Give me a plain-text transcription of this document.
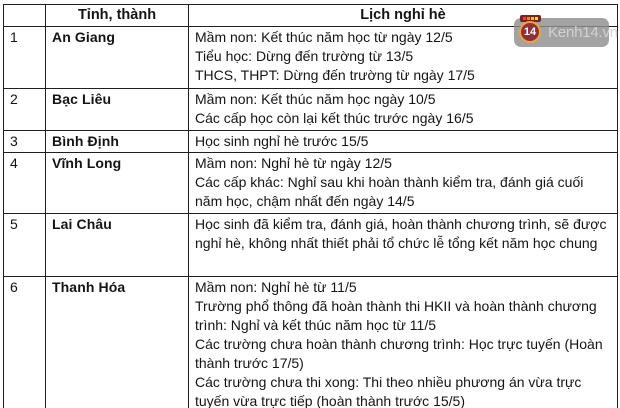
	Tỉnh, thành	Lịch nghỉ hè
1	An Giang	Mầm non: Kết thúc năm học từ ngày 12/5
Tiểu học: Dừng đến trường từ 13/5
THCS, THPT: Dừng đến trường từ ngày 17/5

2	Bạc Liêu	Mầm non: Kết thúc năm học ngày 10/5
Các cấp học còn lại kết thúc trước ngày 16/5

3	Bình Định	Học sinh nghỉ hè trước 15/5

4	Vĩnh Long	Mầm non: Nghỉ hè từ ngày 12/5
Các cấp khác: Nghỉ sau khi hoàn thành kiểm tra, đánh giá cuối năm học, chậm nhất đến ngày 14/5

5	Lai Châu	Học sinh đã kiểm tra, đánh giá, hoàn thành chương trình, sẽ được nghỉ hè, không nhất thiết phải tổ chức lễ tổng kết năm học chung

6	Thanh Hóa	Mầm non: Nghỉ hè từ 11/5
Trường phổ thông đã hoàn thành thi HKII và hoàn thành chương trình: Nghỉ và kết thúc năm học từ 11/5
Các trường chưa hoàn thành chương trình: Học trực tuyến (Hoàn thành trước 17/5)
Các trường chưa thi xong: Thi theo nhiều phương án vừa trực tuyến vừa trực tiếp (hoàn thành trước 15/5)
14 Kenh14.vn
